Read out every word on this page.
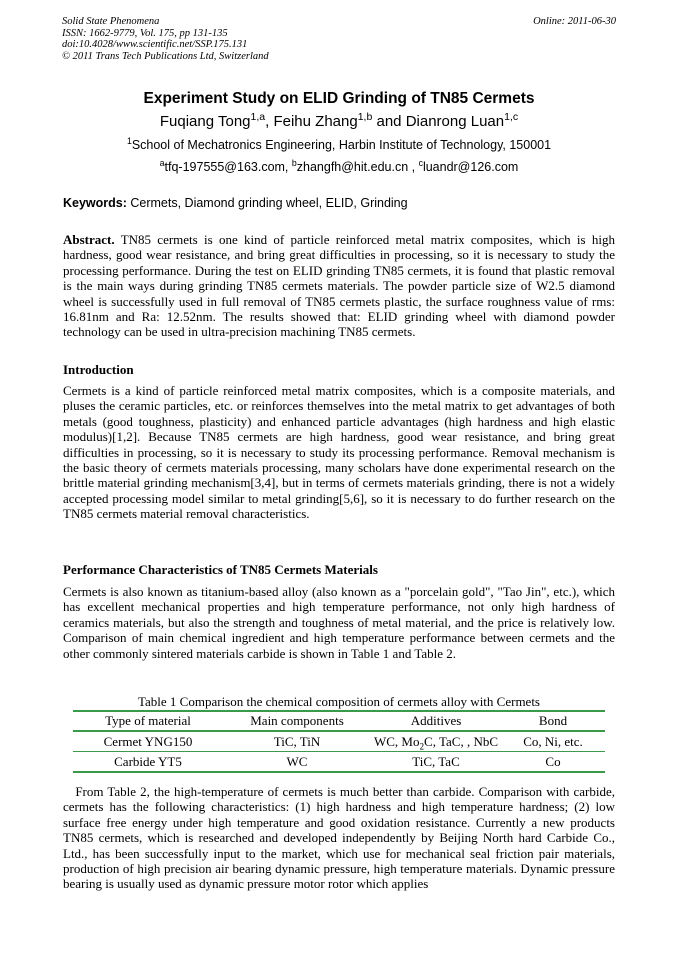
Solid State Phenomena
ISSN: 1662-9779, Vol. 175, pp 131-135
doi:10.4028/www.scientific.net/SSP.175.131
© 2011 Trans Tech Publications Ltd, Switzerland
Online: 2011-06-30
Experiment Study on ELID Grinding of TN85 Cermets
Fuqiang Tong$^{1,a}$, Feihu Zhang$^{1,b}$ and Dianrong Luan$^{1,c}$
$^1$School of Mechatronics Engineering, Harbin Institute of Technology, 150001
$^a$tfq-197555@163.com, $^b$zhangfh@hit.edu.cn , $^c$luandr@126.com
Keywords: Cermets, Diamond grinding wheel, ELID, Grinding
Abstract. TN85 cermets is one kind of particle reinforced metal matrix composites, which is high hardness, good wear resistance, and bring great difficulties in processing, so it is necessary to study the processing performance. During the test on ELID grinding TN85 cermets, it is found that plastic removal is the main ways during grinding TN85 cermets materials. The powder particle size of W2.5 diamond wheel is successfully used in full removal of TN85 cermets plastic, the surface roughness value of rms: 16.81nm and Ra: 12.52nm. The results showed that: ELID grinding wheel with diamond powder technology can be used in ultra-precision machining TN85 cermets.
Introduction
Cermets is a kind of particle reinforced metal matrix composites, which is a composite materials, and pluses the ceramic particles, etc. or reinforces themselves into the metal matrix to get advantages of both metals (good toughness, plasticity) and enhanced particle advantages (high hardness and high elastic modulus)[1,2]. Because TN85 cermets are high hardness, good wear resistance, and bring great difficulties in processing, so it is necessary to study its processing performance. Removal mechanism is the basic theory of cermets materials processing, many scholars have done experimental research on the brittle material grinding mechanism[3,4], but in terms of cermets materials grinding, there is not a widely accepted processing model similar to metal grinding[5,6], so it is necessary to do further research on the TN85 cermets material removal characteristics.
Performance Characteristics of TN85 Cermets Materials
Cermets is also known as titanium-based alloy (also known as a "porcelain gold", "Tao Jin", etc.), which has excellent mechanical properties and high temperature performance, not only high hardness of ceramics materials, but also the strength and toughness of metal material, and the price is relatively low. Comparison of main chemical ingredient and high temperature performance between cermets and the other commonly sintered materials carbide is shown in Table 1 and Table 2.
Table 1 Comparison the chemical composition of cermets alloy with Cermets
Type of material	Main components	Additives	Bond
Cermet YNG150	TiC, TiN	WC, $Mo_2C$, TaC, , NbC	Co, Ni, etc.
Carbide YT5	WC	TiC, TaC	Co
From Table 2, the high-temperature of cermets is much better than carbide. Comparison with carbide, cermets has the following characteristics: (1) high hardness and high temperature hardness; (2) low surface free energy under high temperature and good oxidation resistance. Currently a new products TN85 cermets, which is researched and developed independently by Beijing North hard Carbide Co., Ltd., has been successfully input to the market, which use for mechanical seal friction pair materials, production of high precision air bearing dynamic pressure, high temperature materials. Dynamic pressure bearing is usually used as dynamic pressure motor rotor which applies
